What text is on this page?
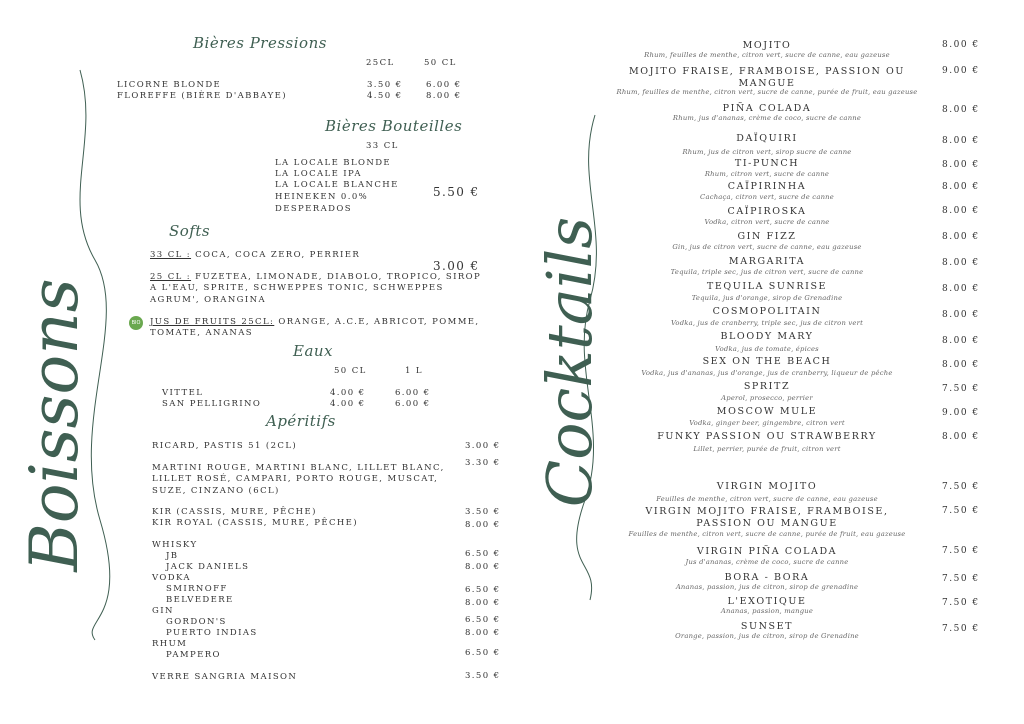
Boissons
Bières Pressions
25CL	50 CL
LICORNE BLONDE	3.50 €	6.00 €
FLOREFFE (BIÈRE D'ABBAYE)	4.50 €	8.00 €
Bières Bouteilles
33 CL
LA LOCALE BLONDE
LA LOCALE IPA
LA LOCALE BLANCHE
HEINEKEN 0.0%
DESPERADOS
5.50 €
Softs
33 CL : COCA, COCA ZERO, PERRIER
25 CL : FUZETEA, LIMONADE, DIABOLO, TROPICO, SIROP
A L'EAU, SPRITE, SCHWEPPES TONIC, SCHWEPPES
AGRUM', ORANGINA
3.00 €
BIO	JUS DE FRUITS 25CL: ORANGE, A.C.E, ABRICOT, POMME,
TOMATE, ANANAS
Eaux
50 CL	1 L
VITTEL	4.00 €	6.00 €
SAN PELLIGRINO	4.00 €	6.00 €
Apéritifs
RICARD, PASTIS 51 (2CL)	3.00 €
MARTINI ROUGE, MARTINI BLANC, LILLET BLANC,
LILLET ROSÉ, CAMPARI, PORTO ROUGE, MUSCAT,
SUZE, CINZANO (6CL)
3.30 €
KIR (CASSIS, MURE, PÊCHE)	3.50 €
KIR ROYAL (CASSIS, MURE, PÊCHE)	8.00 €
WHISKY
JB	6.50 €
JACK DANIELS	8.00 €
VODKA
SMIRNOFF	6.50 €
BELVEDERE	8.00 €
GIN
GORDON'S	6.50 €
PUERTO INDIAS	8.00 €
RHUM
PAMPERO	6.50 €
VERRE SANGRIA MAISON	3.50 €
Cocktails
MOJITO
Rhum, feuilles de menthe, citron vert, sucre de canne, eau gazeuse
8.00 €
MOJITO FRAISE, FRAMBOISE, PASSION OU
MANGUE
Rhum, feuilles de menthe, citron vert, sucre de canne, purée de fruit, eau gazeuse
9.00 €
PIÑA COLADA
Rhum, jus d'ananas, crème de coco, sucre de canne
8.00 €
DAÏQUIRI
Rhum, jus de citron vert, sirop sucre de canne
8.00 €
TI-PUNCH
Rhum, citron vert, sucre de canne
8.00 €
CAÏPIRINHA
Cachaça, citron vert, sucre de canne
8.00 €
CAÏPIROSKA
Vodka, citron vert, sucre de canne
8.00 €
GIN FIZZ
Gin, jus de citron vert, sucre de canne, eau gazeuse
8.00 €
MARGARITA
Tequila, triple sec, jus de citron vert, sucre de canne
8.00 €
TEQUILA SUNRISE
Tequila, jus d'orange, sirop de Grenadine
8.00 €
COSMOPOLITAIN
Vodka, jus de cranberry, triple sec, jus de citron vert
8.00 €
BLOODY MARY
Vodka, jus de tomate, épices
8.00 €
SEX ON THE BEACH
Vodka, jus d'ananas, jus d'orange, jus de cranberry, liqueur de pêche
8.00 €
SPRITZ
Aperol, prosecco, perrier
7.50 €
MOSCOW MULE
Vodka, ginger beer, gingembre, citron vert
9.00 €
FUNKY PASSION OU STRAWBERRY
Lillet, perrier, purée de fruit, citron vert
8.00 €
VIRGIN MOJITO
Feuilles de menthe, citron vert, sucre de canne, eau gazeuse
7.50 €
VIRGIN MOJITO FRAISE, FRAMBOISE,
PASSION OU MANGUE
Feuilles de menthe, citron vert, sucre de canne, purée de fruit, eau gazeuse
7.50 €
VIRGIN PIÑA COLADA
Jus d'ananas, crème de coco, sucre de canne
7.50 €
BORA - BORA
Ananas, passion, jus de citron, sirop de grenadine
7.50 €
L'EXOTIQUE
Ananas, passion, mangue
7.50 €
SUNSET
Orange, passion, jus de citron, sirop de Grenadine
7.50 €
